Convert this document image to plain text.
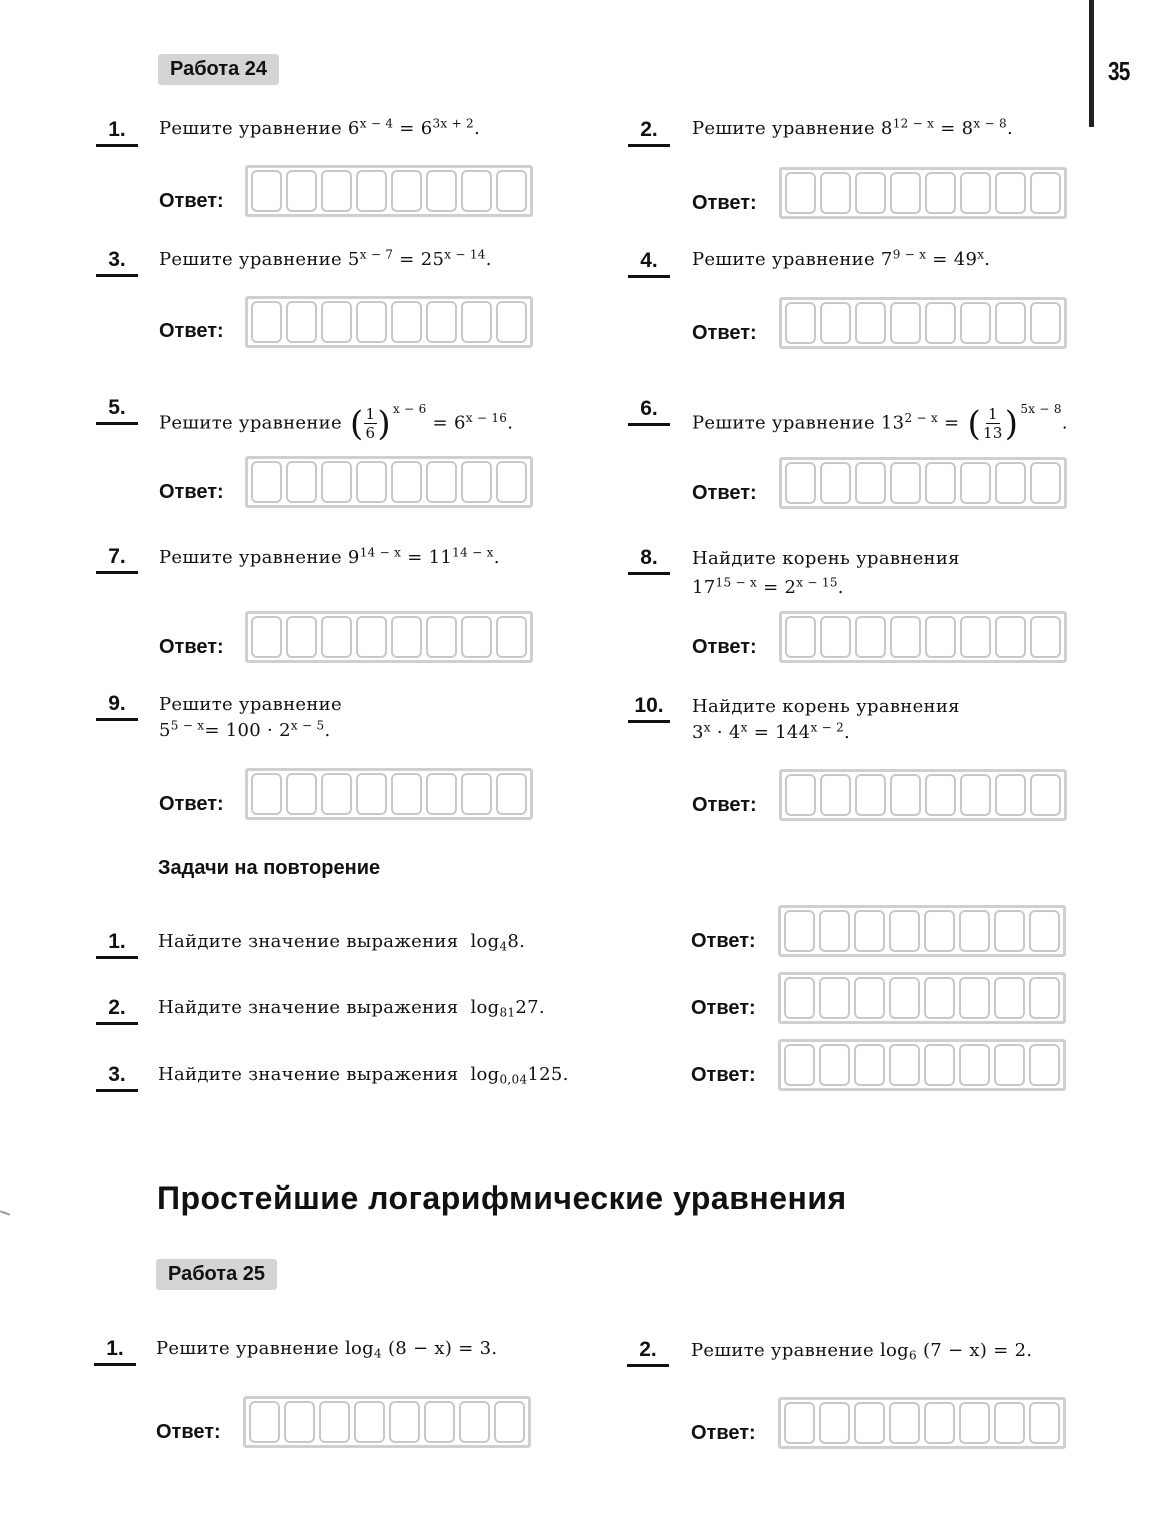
35
Работа 24
1.	Решите уравнение $6^{x - 4} = 6^{3x + 2}$.
Ответ:
2.	Решите уравнение $8^{12 - x} = 8^{x - 8}$.
Ответ:
3.	Решите уравнение $5^{x - 7} = 25^{x - 14}$.
Ответ:
4.	Решите уравнение $7^{9 - x} = 49^x$.
Ответ:
5.
Решите уравнение ( 1
6 ) $^{x - 6} = 6^{x - 16}$.
Ответ:
6.
Решите уравнение $13^{2 - x}$ = ( 1
13 ) $^{5x - 8}$.
Ответ:
7.	Решите уравнение $9^{14 - x} = 11^{14 - x}$.
Ответ:
8.	Найдите корень уравнения
$17^{15 - x} = 2^{x - 15}$.
Ответ:
9.	Решите уравнение
$5^{5 - x}= 100 \cdot 2^{x - 5}$.
Ответ:
10.	Найдите корень уравнения
$3^x \cdot 4^x = 144^{x - 2}$.
Ответ:
Задачи на повторение
1.	Найдите значение выражения $\log_48$.	Ответ:
2.	Найдите значение выражения $\log_{81}27$.	Ответ:
3.	Найдите значение выражения $\log_{0,04}125$.	Ответ:
Простейшие логарифмические уравнения
Работа 25
1.	Решите уравнение $\log_4 (8 - x) = 3$.
Ответ:
2.	Решите уравнение $\log_6 (7 - x) = 2$.
Ответ:
